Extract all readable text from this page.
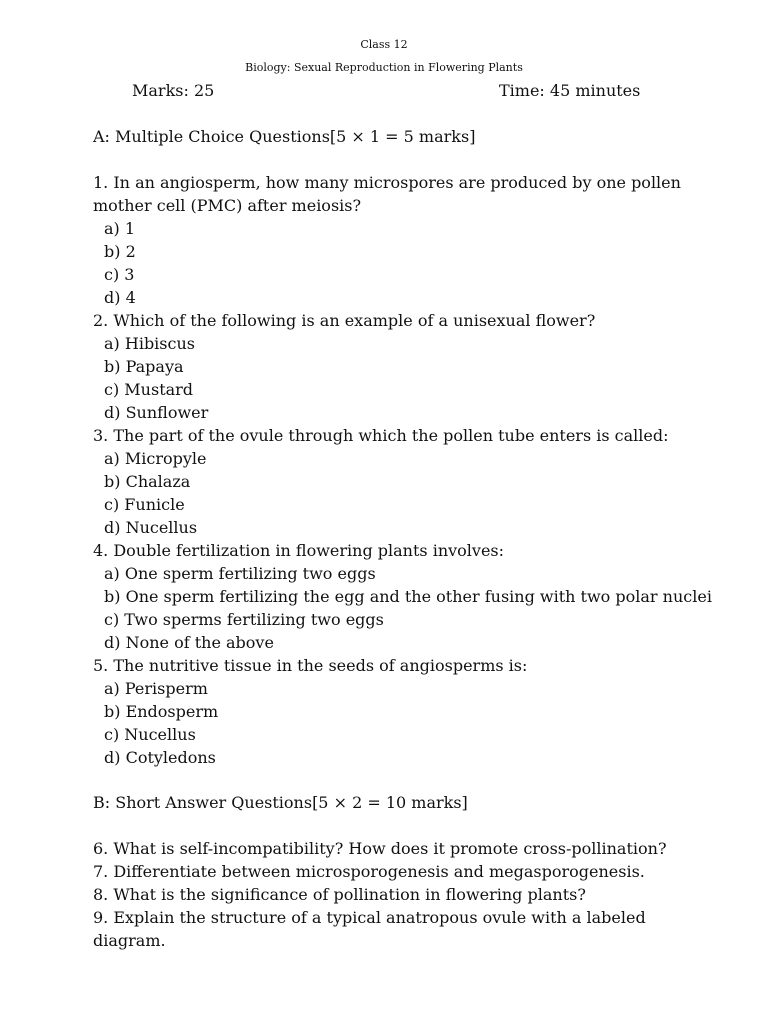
Class 12
Biology: Sexual Reproduction in Flowering Plants
Marks: 25	Time: 45 minutes
A: Multiple Choice Questions[5 × 1 = 5 marks]
1. In an angiosperm, how many microspores are produced by one pollen
mother cell (PMC) after meiosis?
a) 1
b) 2
c) 3
d) 4
2. Which of the following is an example of a unisexual flower?
a) Hibiscus
b) Papaya
c) Mustard
d) Sunflower
3. The part of the ovule through which the pollen tube enters is called:
a) Micropyle
b) Chalaza
c) Funicle
d) Nucellus
4. Double fertilization in flowering plants involves:
a) One sperm fertilizing two eggs
b) One sperm fertilizing the egg and the other fusing with two polar nuclei
c) Two sperms fertilizing two eggs
d) None of the above
5. The nutritive tissue in the seeds of angiosperms is:
a) Perisperm
b) Endosperm
c) Nucellus
d) Cotyledons
B: Short Answer Questions[5 × 2 = 10 marks]
6. What is self-incompatibility? How does it promote cross-pollination?
7. Differentiate between microsporogenesis and megasporogenesis.
8. What is the significance of pollination in flowering plants?
9. Explain the structure of a typical anatropous ovule with a labeled
diagram.
